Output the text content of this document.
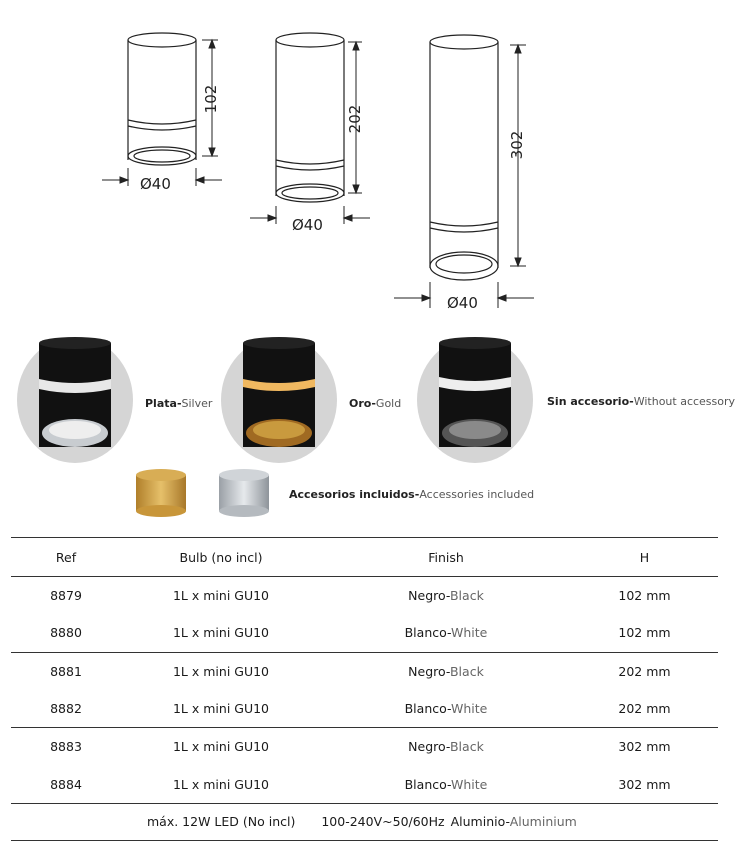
102
Ø40
202
Ø40
302
Ø40
Plata-Silver	Oro-Gold	Sin accesorio-Without accessory
Accesorios incluidos-Accessories included
Ref	Bulb (no incl)	Finish	H
8879	1L x mini GU10	Negro-Black	102 mm
8880	1L x mini GU10	Blanco-White	102 mm
8881	1L x mini GU10	Negro-Black	202 mm
8882	1L x mini GU10	Blanco-White	202 mm
8883	1L x mini GU10	Negro-Black	302 mm
8884	1L x mini GU10	Blanco-White	302 mm
máx. 12W LED (No incl) 100-240V~50/60Hz Aluminio-Aluminium
